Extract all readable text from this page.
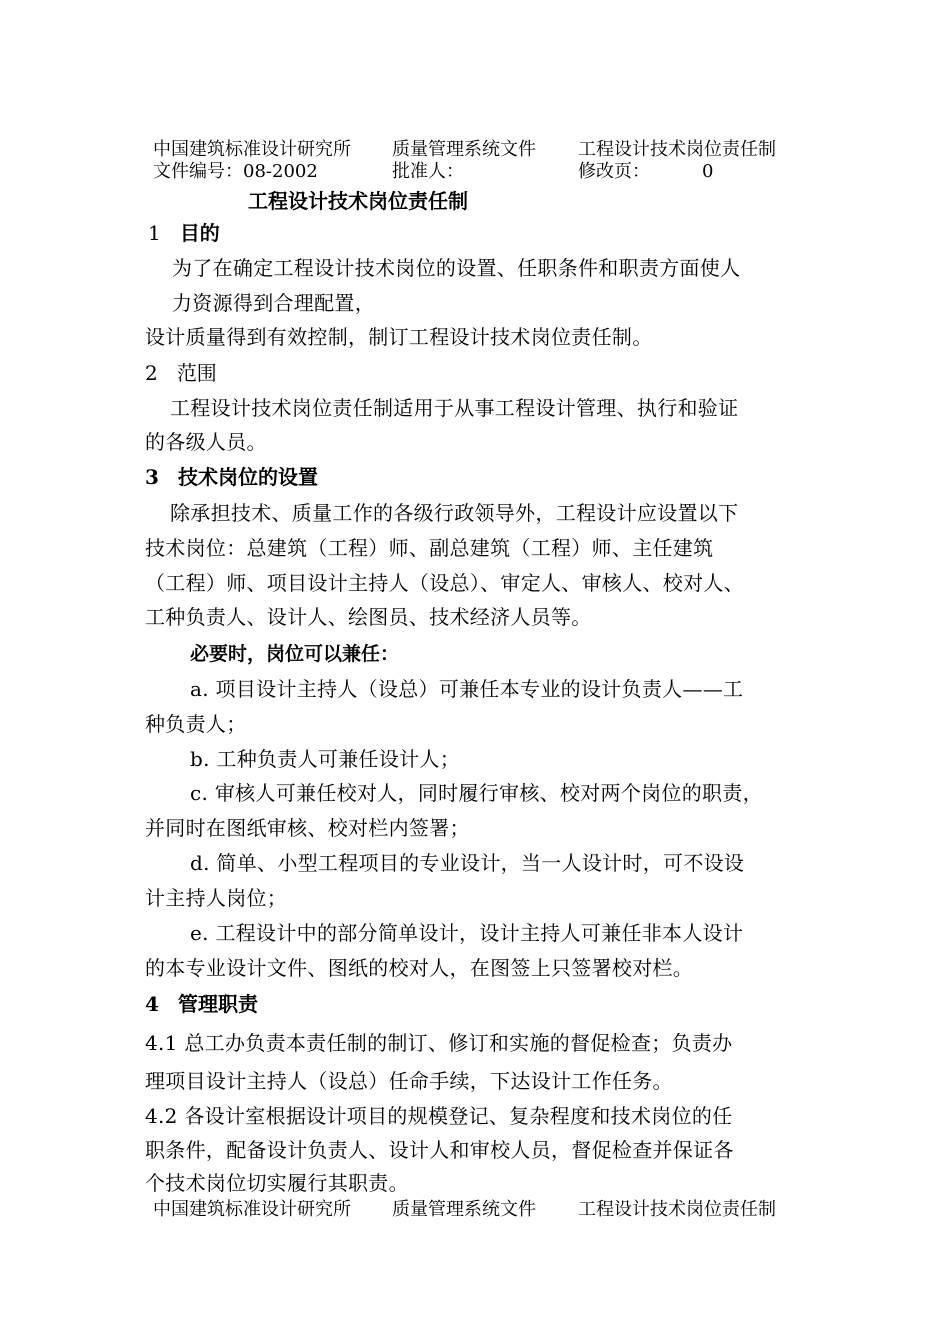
中国建筑标准设计研究所 质量管理系统文件 工程设计技术岗位责任制
文件编号：08-2002	批准人：	修改页：	0
工程设计技术岗位责任制
1 目的
为了在确定工程设计技术岗位的设置、任职条件和职责方面使人
力资源得到合理配置，
设计质量得到有效控制，制订工程设计技术岗位责任制。
2 范围
工程设计技术岗位责任制适用于从事工程设计管理、执行和验证
的各级人员。
3 技术岗位的设置
除承担技术、质量工作的各级行政领导外，工程设计应设置以下
技术岗位：总建筑（工程）师、副总建筑（工程）师、主任建筑
（工程）师、项目设计主持人（设总）、审定人、审核人、校对人、
工种负责人、设计人、绘图员、技术经济人员等。
必要时，岗位可以兼任：
a. 项目设计主持人（设总）可兼任本专业的设计负责人——工
种负责人；
b. 工种负责人可兼任设计人；
c. 审核人可兼任校对人，同时履行审核、校对两个岗位的职责，
并同时在图纸审核、校对栏内签署；
d. 简单、小型工程项目的专业设计，当一人设计时，可不设设
计主持人岗位；
e. 工程设计中的部分简单设计，设计主持人可兼任非本人设计
的本专业设计文件、图纸的校对人，在图签上只签署校对栏。
4 管理职责
4.1 总工办负责本责任制的制订、修订和实施的督促检查；负责办
理项目设计主持人（设总）任命手续，下达设计工作任务。
4.2 各设计室根据设计项目的规模登记、复杂程度和技术岗位的任
职条件，配备设计负责人、设计人和审校人员，督促检查并保证各
个技术岗位切实履行其职责。
中国建筑标准设计研究所 质量管理系统文件 工程设计技术岗位责任制
